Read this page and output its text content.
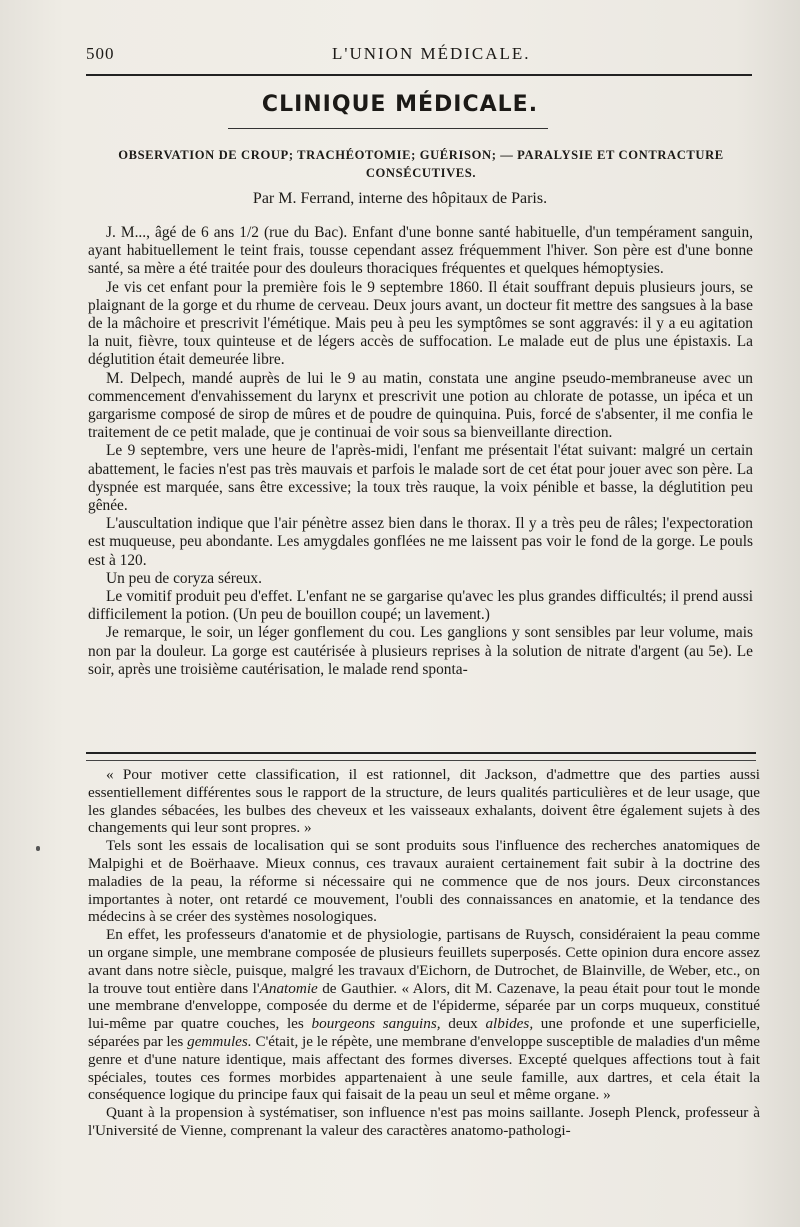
500	L'UNION MÉDICALE.
CLINIQUE MÉDICALE.
OBSERVATION DE CROUP; TRACHÉOTOMIE; GUÉRISON; — PARALYSIE ET CONTRACTURE CONSÉCUTIVES.
Par M. Ferrand, interne des hôpitaux de Paris.

J. M..., âgé de 6 ans 1/2 (rue du Bac). Enfant d'une bonne santé habituelle, d'un tempérament sanguin, ayant habituellement le teint frais, tousse cependant assez fréquemment l'hiver. Son père est d'une bonne santé, sa mère a été traitée pour des douleurs thoraciques fréquentes et quelques hémoptysies.

Je vis cet enfant pour la première fois le 9 septembre 1860. Il était souffrant depuis plusieurs jours, se plaignant de la gorge et du rhume de cerveau. Deux jours avant, un docteur fit mettre des sangsues à la base de la mâchoire et prescrivit l'émétique. Mais peu à peu les symptômes se sont aggravés: il y a eu agitation la nuit, fièvre, toux quinteuse et de légers accès de suffocation. Le malade eut de plus une épistaxis. La déglutition était demeurée libre.

M. Delpech, mandé auprès de lui le 9 au matin, constata une angine pseudo-membraneuse avec un commencement d'envahissement du larynx et prescrivit une potion au chlorate de potasse, un ipéca et un gargarisme composé de sirop de mûres et de poudre de quinquina. Puis, forcé de s'absenter, il me confia le traitement de ce petit malade, que je continuai de voir sous sa bienveillante direction.

Le 9 septembre, vers une heure de l'après-midi, l'enfant me présentait l'état suivant: malgré un certain abattement, le facies n'est pas très mauvais et parfois le malade sort de cet état pour jouer avec son père. La dyspnée est marquée, sans être excessive; la toux très rauque, la voix pénible et basse, la déglutition peu gênée.

L'auscultation indique que l'air pénètre assez bien dans le thorax. Il y a très peu de râles; l'expectoration est muqueuse, peu abondante. Les amygdales gonflées ne me laissent pas voir le fond de la gorge. Le pouls est à 120.

Un peu de coryza séreux.

Le vomitif produit peu d'effet. L'enfant ne se gargarise qu'avec les plus grandes difficultés; il prend aussi difficilement la potion. (Un peu de bouillon coupé; un lavement.)

Je remarque, le soir, un léger gonflement du cou. Les ganglions y sont sensibles par leur volume, mais non par la douleur. La gorge est cautérisée à plusieurs reprises à la solution de nitrate d'argent (au 5e). Le soir, après une troisième cautérisation, le malade rend sponta-

« Pour motiver cette classification, il est rationnel, dit Jackson, d'admettre que des parties aussi essentiellement différentes sous le rapport de la structure, de leurs qualités particulières et de leur usage, que les glandes sébacées, les bulbes des cheveux et les vaisseaux exhalants, doivent être également sujets à des changements qui leur sont propres. »

Tels sont les essais de localisation qui se sont produits sous l'influence des recherches anatomiques de Malpighi et de Boërhaave. Mieux connus, ces travaux auraient certainement fait subir à la doctrine des maladies de la peau, la réforme si nécessaire qui ne commence que de nos jours. Deux circonstances importantes à noter, ont retardé ce mouvement, l'oubli des connaissances en anatomie, et la tendance des médecins à se créer des systèmes nosologiques.

En effet, les professeurs d'anatomie et de physiologie, partisans de Ruysch, considéraient la peau comme un organe simple, une membrane composée de plusieurs feuillets superposés. Cette opinion dura encore assez avant dans notre siècle, puisque, malgré les travaux d'Eichorn, de Dutrochet, de Blainville, de Weber, etc., on la trouve tout entière dans l'Anatomie de Gauthier. « Alors, dit M. Cazenave, la peau était pour tout le monde une membrane d'enveloppe, composée du derme et de l'épiderme, séparée par un corps muqueux, constitué lui-même par quatre couches, les bourgeons sanguins, deux albides, une profonde et une superficielle, séparées par les gemmules. C'était, je le répète, une membrane d'enveloppe susceptible de maladies d'un même genre et d'une nature identique, mais affectant des formes diverses. Excepté quelques affections tout à fait spéciales, toutes ces formes morbides appartenaient à une seule famille, aux dartres, et cela était la conséquence logique du principe faux qui faisait de la peau un seul et même organe. »

Quant à la propension à systématiser, son influence n'est pas moins saillante. Joseph Plenck, professeur à l'Université de Vienne, comprenant la valeur des caractères anatomo-pathologi-
